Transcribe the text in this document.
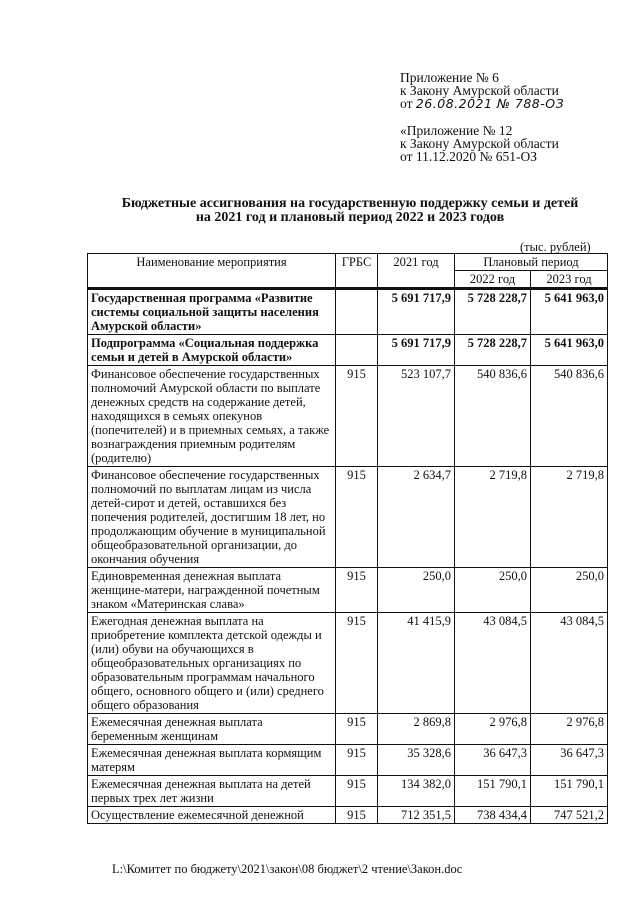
Приложение № 6
к Закону Амурской области
от 26.08.2021 № 788-ОЗ
«Приложение № 12
к Закону Амурской области
от 11.12.2020 № 651-ОЗ
Бюджетные ассигнования на государственную поддержку семьи и детей
на 2021 год и плановый период 2022 и 2023 годов
(тыс. рублей)
Наименование мероприятия	ГРБС	2021 год	Плановый период	
			2022 год	2023 год

Государственная программа «Развитие системы социальной защиты населения Амурской области»		5 691 717,9	5 728 228,7	5 641 963,0
Подпрограмма «Социальная поддержка семьи и детей в Амурской области»		5 691 717,9	5 728 228,7	5 641 963,0
Финансовое обеспечение государственных полномочий Амурской области по выплате денежных средств на содержание детей, находящихся в семьях опекунов (попечителей) и в приемных семьях, а также вознаграждения приемным родителям (родителю)	915	523 107,7	540 836,6	540 836,6
Финансовое обеспечение государственных полномочий по выплатам лицам из числа детей-сирот и детей, оставшихся без попечения родителей, достигшим 18 лет, но продолжающим обучение в муниципальной общеобразовательной организации, до окончания обучения	915	2 634,7	2 719,8	2 719,8
Единовременная денежная выплата женщине-матери, награжденной почетным знаком «Материнская слава»	915	250,0	250,0	250,0
Ежегодная денежная выплата на приобретение комплекта детской одежды и (или) обуви на обучающихся в общеобразовательных организациях по образовательным программам начального общего, основного общего и (или) среднего общего образования	915	41 415,9	43 084,5	43 084,5
Ежемесячная денежная выплата беременным женщинам	915	2 869,8	2 976,8	2 976,8
Ежемесячная денежная выплата кормящим матерям	915	35 328,6	36 647,3	36 647,3
Ежемесячная денежная выплата на детей первых трех лет жизни	915	134 382,0	151 790,1	151 790,1
Осуществление ежемесячной денежной	915	712 351,5	738 434,4	747 521,2
L:\Комитет по бюджету\2021\закон\08 бюджет\2 чтение\Закон.doc
